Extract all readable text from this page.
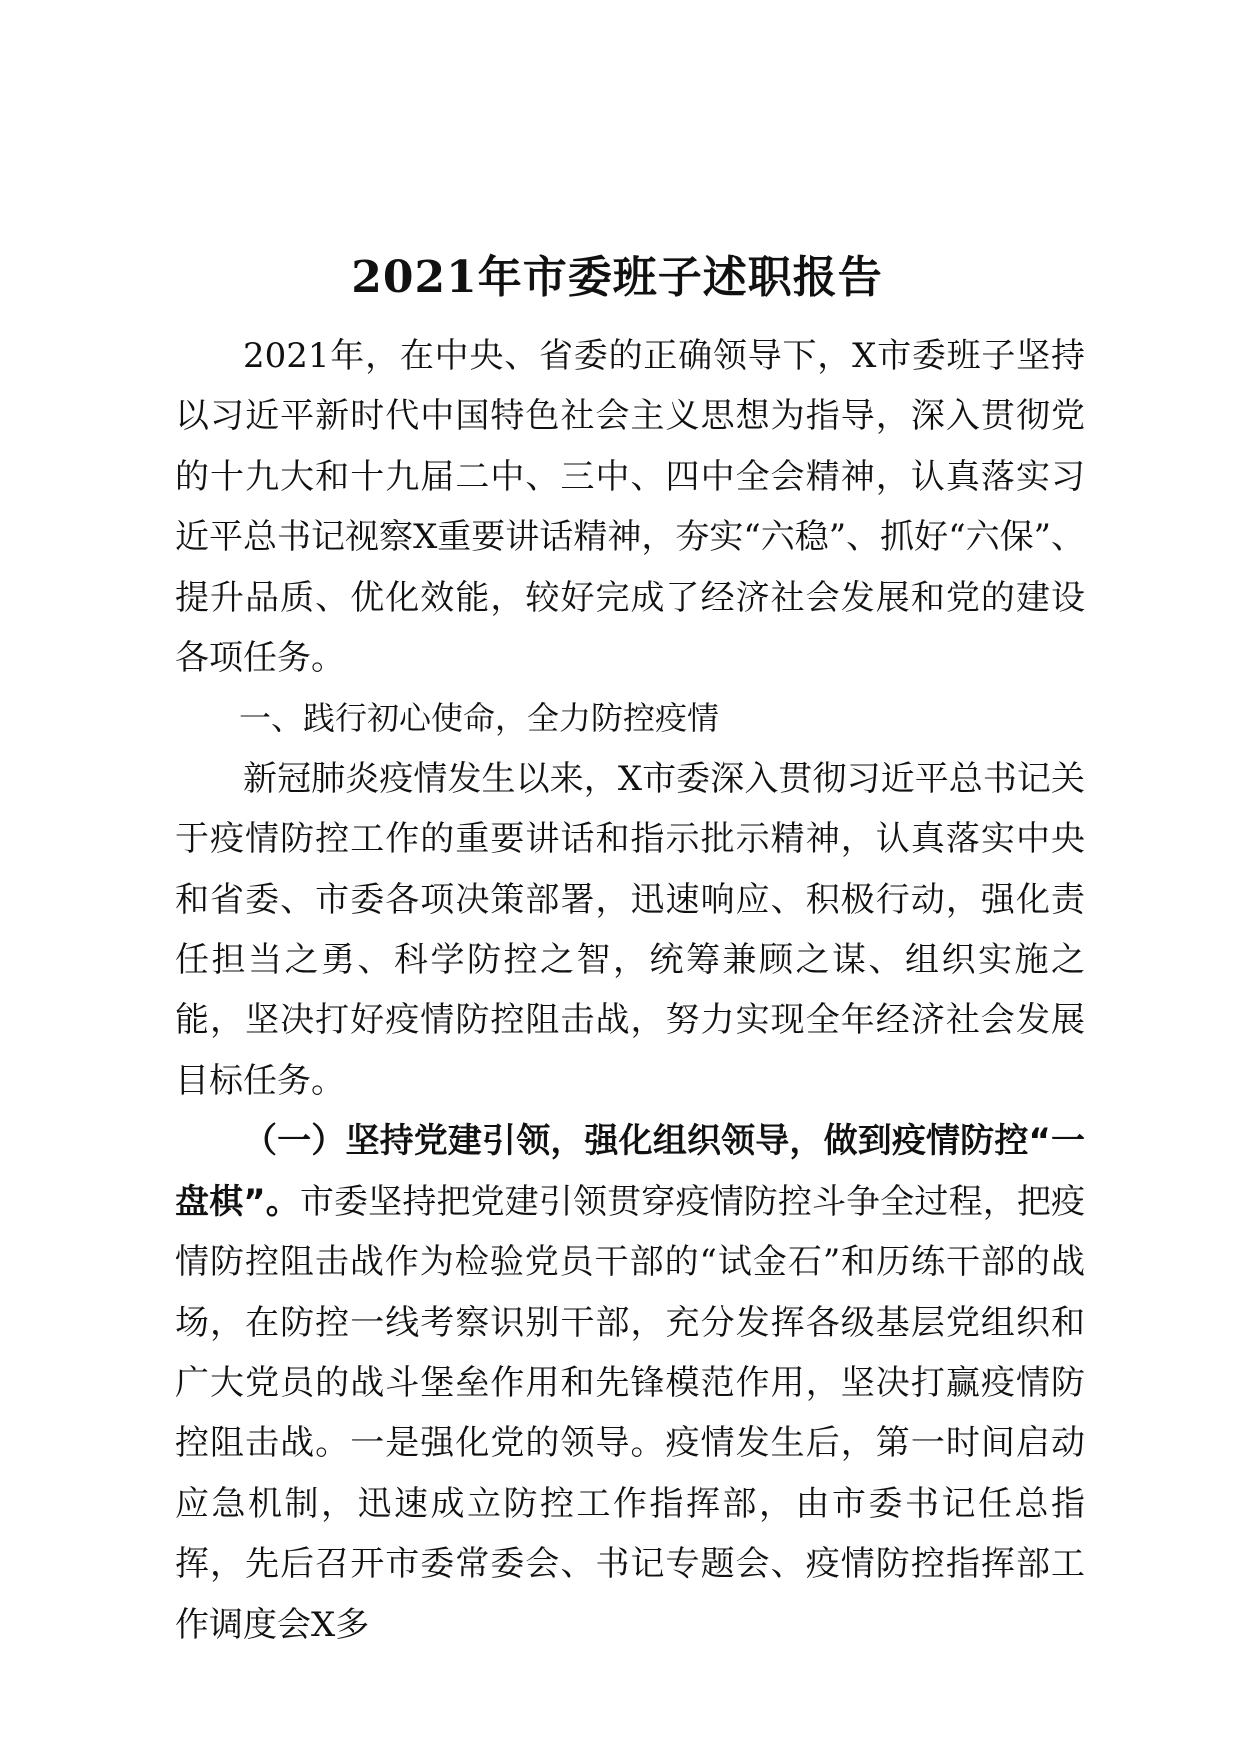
2021年市委班子述职报告

2021年，在中央、省委的正确领导下，X市委班子坚持以习近平新时代中国特色社会主义思想为指导，深入贯彻党的十九大和十九届二中、三中、四中全会精神，认真落实习近平总书记视察X重要讲话精神，夯实“六稳”、抓好“六保”、提升品质、优化效能，较好完成了经济社会发展和党的建设各项任务。

一、践行初心使命，全力防控疫情

新冠肺炎疫情发生以来，X市委深入贯彻习近平总书记关于疫情防控工作的重要讲话和指示批示精神，认真落实中央和省委、市委各项决策部署，迅速响应、积极行动，强化责任担当之勇、科学防控之智，统筹兼顾之谋、组织实施之能，坚决打好疫情防控阻击战，努力实现全年经济社会发展目标任务。

（一）坚持党建引领，强化组织领导，做到疫情防控“一盘棋”。市委坚持把党建引领贯穿疫情防控斗争全过程，把疫情防控阻击战作为检验党员干部的“试金石”和历练干部的战场，在防控一线考察识别干部，充分发挥各级基层党组织和广大党员的战斗堡垒作用和先锋模范作用，坚决打赢疫情防控阻击战。一是强化党的领导。疫情发生后，第一时间启动应急机制，迅速成立防控工作指挥部，由市委书记任总指挥，先后召开市委常委会、书记专题会、疫情防控指挥部工作调度会X多
